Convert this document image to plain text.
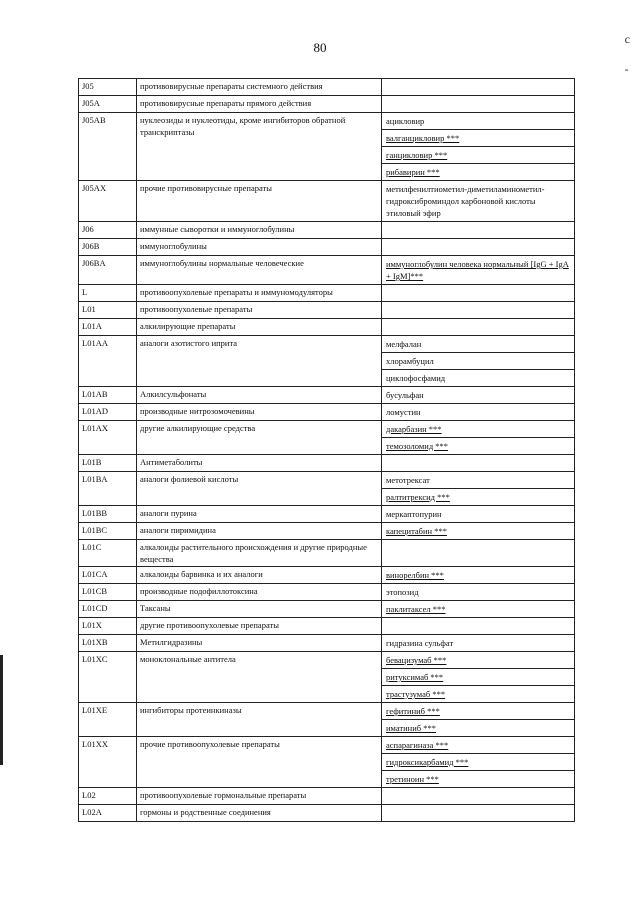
80
с
-
J05	противовирусные препараты системного действия	

J05A	противовирусные препараты прямого действия	

J05AB	нуклеозиды и нуклеотиды, кроме ингибиторов обратной транскриптазы	ацикловир
валганцикловир ***
ганцикловир ***
рибавирин ***

J05AX	прочие противовирусные препараты	метилфенилтиометил-диметиламинометил- гидроксиброминдол карбоновой кислоты этиловый эфир

J06	иммунные сыворотки и иммуноглобулины	

J06B	иммуноглобулины	

J06BA	иммуноглобулины нормальные человеческие	иммуноглобулин человека нормальный [IgG + IgA + IgM]***

L	противоопухолевые препараты и иммуномодуляторы	

L01	противоопухолевые препараты	

L01A	алкилирующие препараты	

L01AA	аналоги азотистого иприта	мелфалан
хлорамбуцил
циклофосфамид

L01AB	Алкилсульфонаты	бусульфан

L01AD	производные нитрозомочевины	ломустин

L01AX	другие алкилирующие средства	дакарбазин ***
темозоломид ***

L01B	Антиметаболиты	

L01BA	аналоги фолиевой кислоты	метотрексат
ралтитрексид ***

L01BB	аналоги пурина	меркаптопурин

L01BC	аналоги пиримидина	капецитабин ***

L01C	алкалоиды растительного происхождения и другие природные вещества	

L01CA	алкалоиды барвинка и их аналоги	винорелбин ***

L01CB	производные подофиллотоксина	этопозид

L01CD	Таксаны	паклитаксел ***

L01X	другие противоопухолевые препараты	

L01XB	Метилгидразины	гидразина сульфат

L01XC	моноклональные антитела	бевацизумаб ***
ритуксимаб ***
трастузумаб ***

L01XE	ингибиторы протеинкиназы	гефитиниб ***
иматиниб ***

L01XX	прочие противоопухолевые препараты	аспарагиназа ***
гидроксикарбамид ***
третиноин ***

L02	противоопухолевые гормональные препараты	

L02A	гормоны и родственные соединения	
